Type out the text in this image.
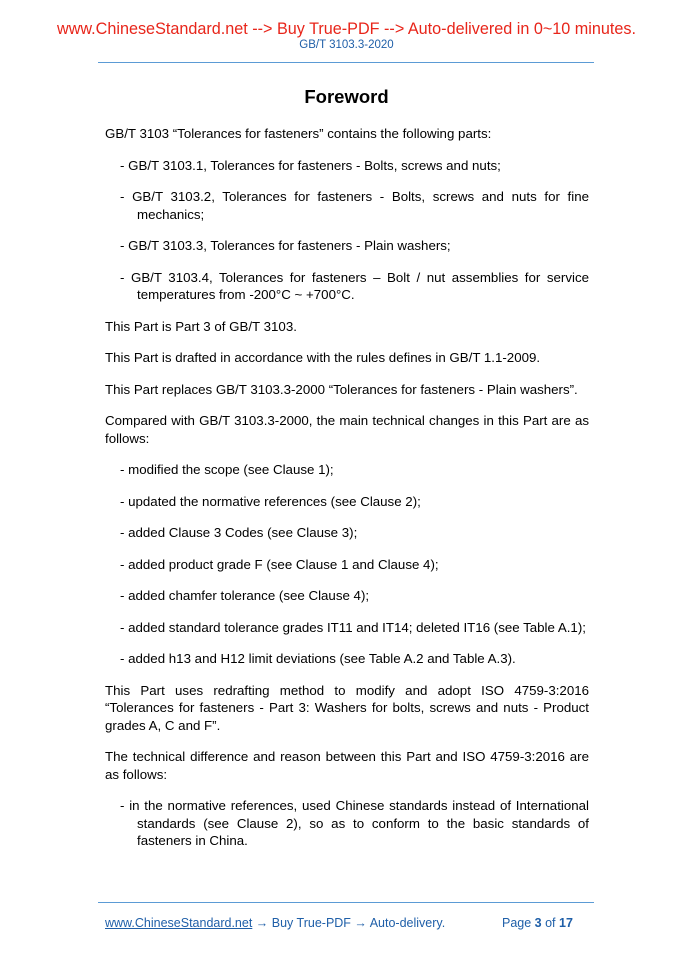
www.ChineseStandard.net --> Buy True-PDF --> Auto-delivered in 0~10 minutes.
GB/T 3103.3-2020
Foreword

GB/T 3103 “Tolerances for fasteners” contains the following parts:

- GB/T 3103.1, Tolerances for fasteners - Bolts, screws and nuts;

- GB/T 3103.2, Tolerances for fasteners - Bolts, screws and nuts for fine mechanics;

- GB/T 3103.3, Tolerances for fasteners - Plain washers;

- GB/T 3103.4, Tolerances for fasteners – Bolt / nut assemblies for service temperatures from -200°C ~ +700°C.

This Part is Part 3 of GB/T 3103.

This Part is drafted in accordance with the rules defines in GB/T 1.1-2009.

This Part replaces GB/T 3103.3-2000 “Tolerances for fasteners - Plain washers”.

Compared with GB/T 3103.3-2000, the main technical changes in this Part are as follows:

- modified the scope (see Clause 1);

- updated the normative references (see Clause 2);

- added Clause 3 Codes (see Clause 3);

- added product grade F (see Clause 1 and Clause 4);

- added chamfer tolerance (see Clause 4);

- added standard tolerance grades IT11 and IT14; deleted IT16 (see Table A.1);

- added h13 and H12 limit deviations (see Table A.2 and Table A.3).

This Part uses redrafting method to modify and adopt ISO 4759-3:2016 “Tolerances for fasteners - Part 3: Washers for bolts, screws and nuts - Product grades A, C and F”.

The technical difference and reason between this Part and ISO 4759-3:2016 are as follows:

- in the normative references, used Chinese standards instead of International standards (see Clause 2), so as to conform to the basic standards of fasteners in China.

www.ChineseStandard.net → Buy True-PDF → Auto-delivery.	Page 3 of 17
